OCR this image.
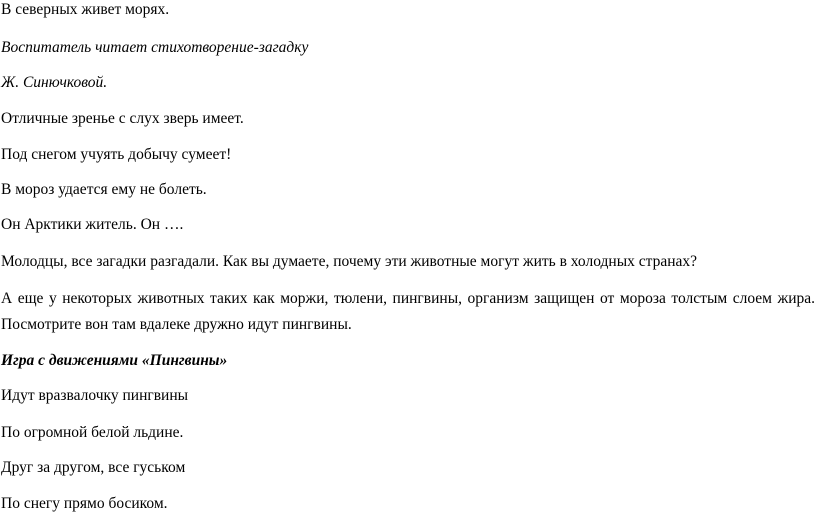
В северных живет морях.
Воспитатель читает стихотворение-загадку
Ж. Синючковой.
Отличные зренье с слух зверь имеет.
Под снегом учуять добычу сумеет!
В мороз удается ему не болеть.
Он Арктики житель. Он ….
Молодцы, все загадки разгадали. Как вы думаете, почему эти животные могут жить в холодных странах?
А еще у некоторых животных таких как моржи, тюлени, пингвины, организм защищен от мороза толстым слоем жира.
Посмотрите вон там вдалеке дружно идут пингвины.
Игра с движениями «Пингвины»
Идут вразвалочку пингвины
По огромной белой льдине.
Друг за другом, все гуськом
По снегу прямо босиком.
